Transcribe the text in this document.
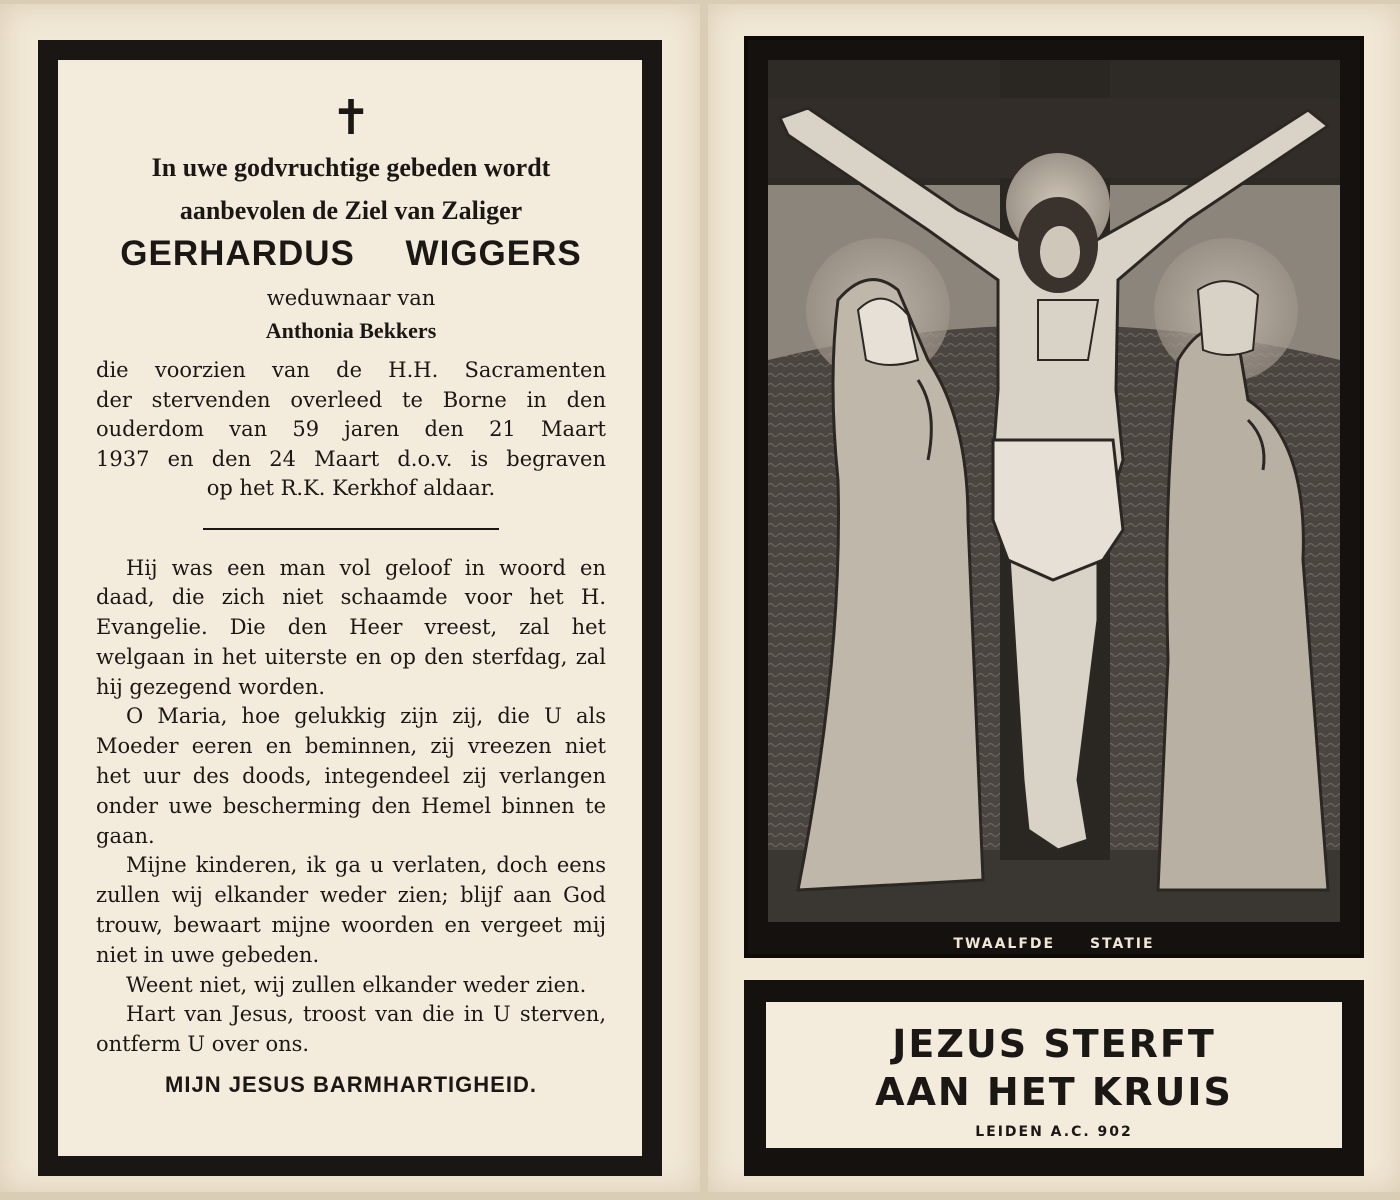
✝
In uwe godvruchtige gebeden wordt
aanbevolen de Ziel van Zaliger
GERHARDUS WIGGERS
weduwnaar van
Anthonia Bekkers
die voorzien van de H.H. Sacramenten
der stervenden overleed te Borne in den
ouderdom van 59 jaren den 21 Maart
1937 en den 24 Maart d.o.v. is begraven
op het R.K. Kerkhof aldaar.

Hij was een man vol geloof in woord en daad, die zich niet schaamde voor het H. Evangelie. Die den Heer vreest, zal het welgaan in het uiterste en op den sterfdag, zal hij gezegend worden.

O Maria, hoe gelukkig zijn zij, die U als Moeder eeren en beminnen, zij vreezen niet het uur des doods, integendeel zij verlangen onder uwe bescherming den Hemel binnen te gaan.

Mijne kinderen, ik ga u verlaten, doch eens zullen wij elkander weder zien; blijf aan God trouw, bewaart mijne woorden en vergeet mij niet in uwe gebeden.

Weent niet, wij zullen elkander weder zien.

Hart van Jesus, troost van die in U sterven, ontferm U over ons.

MIJN JESUS BARMHARTIGHEID.
TWAALFDE STATIE
JEZUS STERFT
AAN HET KRUIS
LEIDEN A.C. 902
